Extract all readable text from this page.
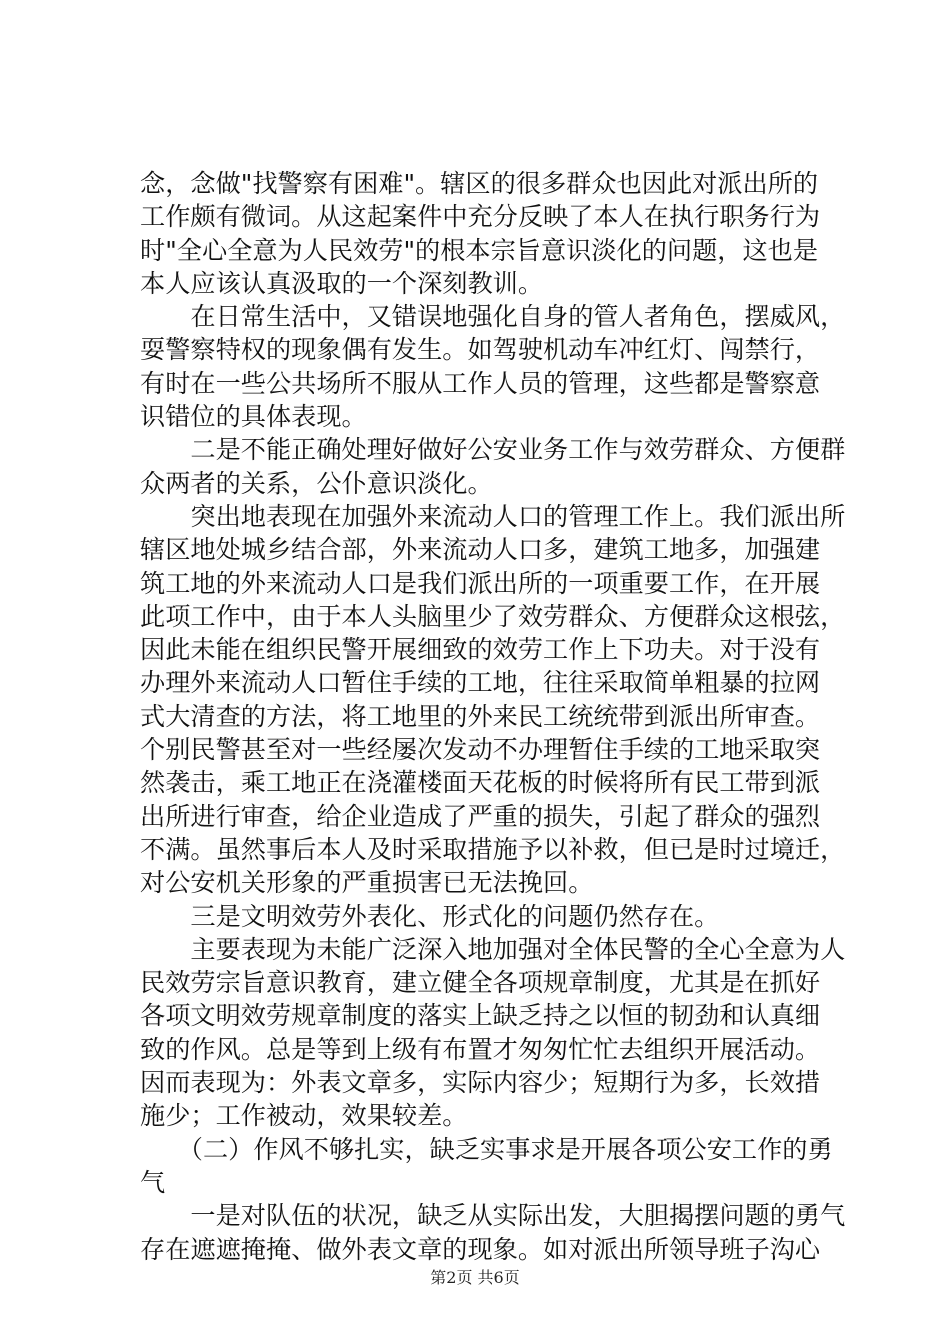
念，念做"找警察有困难"。辖区的很多群众也因此对派出所的
工作颇有微词。从这起案件中充分反映了本人在执行职务行为
时"全心全意为人民效劳"的根本宗旨意识淡化的问题，这也是
本人应该认真汲取的一个深刻教训。
　　在日常生活中，又错误地强化自身的管人者角色，摆威风，
耍警察特权的现象偶有发生。如驾驶机动车冲红灯、闯禁行，
有时在一些公共场所不服从工作人员的管理，这些都是警察意
识错位的具体表现。
　　二是不能正确处理好做好公安业务工作与效劳群众、方便群
众两者的关系，公仆意识淡化。
　　突出地表现在加强外来流动人口的管理工作上。我们派出所
辖区地处城乡结合部，外来流动人口多，建筑工地多，加强建
筑工地的外来流动人口是我们派出所的一项重要工作，在开展
此项工作中，由于本人头脑里少了效劳群众、方便群众这根弦，
因此未能在组织民警开展细致的效劳工作上下功夫。对于没有
办理外来流动人口暂住手续的工地，往往采取简单粗暴的拉网
式大清查的方法，将工地里的外来民工统统带到派出所审查。
个别民警甚至对一些经屡次发动不办理暂住手续的工地采取突
然袭击，乘工地正在浇灌楼面天花板的时候将所有民工带到派
出所进行审查，给企业造成了严重的损失，引起了群众的强烈
不满。虽然事后本人及时采取措施予以补救，但已是时过境迁，
对公安机关形象的严重损害已无法挽回。
　　三是文明效劳外表化、形式化的问题仍然存在。
　　主要表现为未能广泛深入地加强对全体民警的全心全意为人
民效劳宗旨意识教育，建立健全各项规章制度，尤其是在抓好
各项文明效劳规章制度的落实上缺乏持之以恒的韧劲和认真细
致的作风。总是等到上级有布置才匆匆忙忙去组织开展活动。
因而表现为：外表文章多，实际内容少；短期行为多，长效措
施少；工作被动，效果较差。
　　（二）作风不够扎实，缺乏实事求是开展各项公安工作的勇
气
　　一是对队伍的状况，缺乏从实际出发，大胆揭摆问题的勇气
存在遮遮掩掩、做外表文章的现象。如对派出所领导班子沟心
第2页 共6页
